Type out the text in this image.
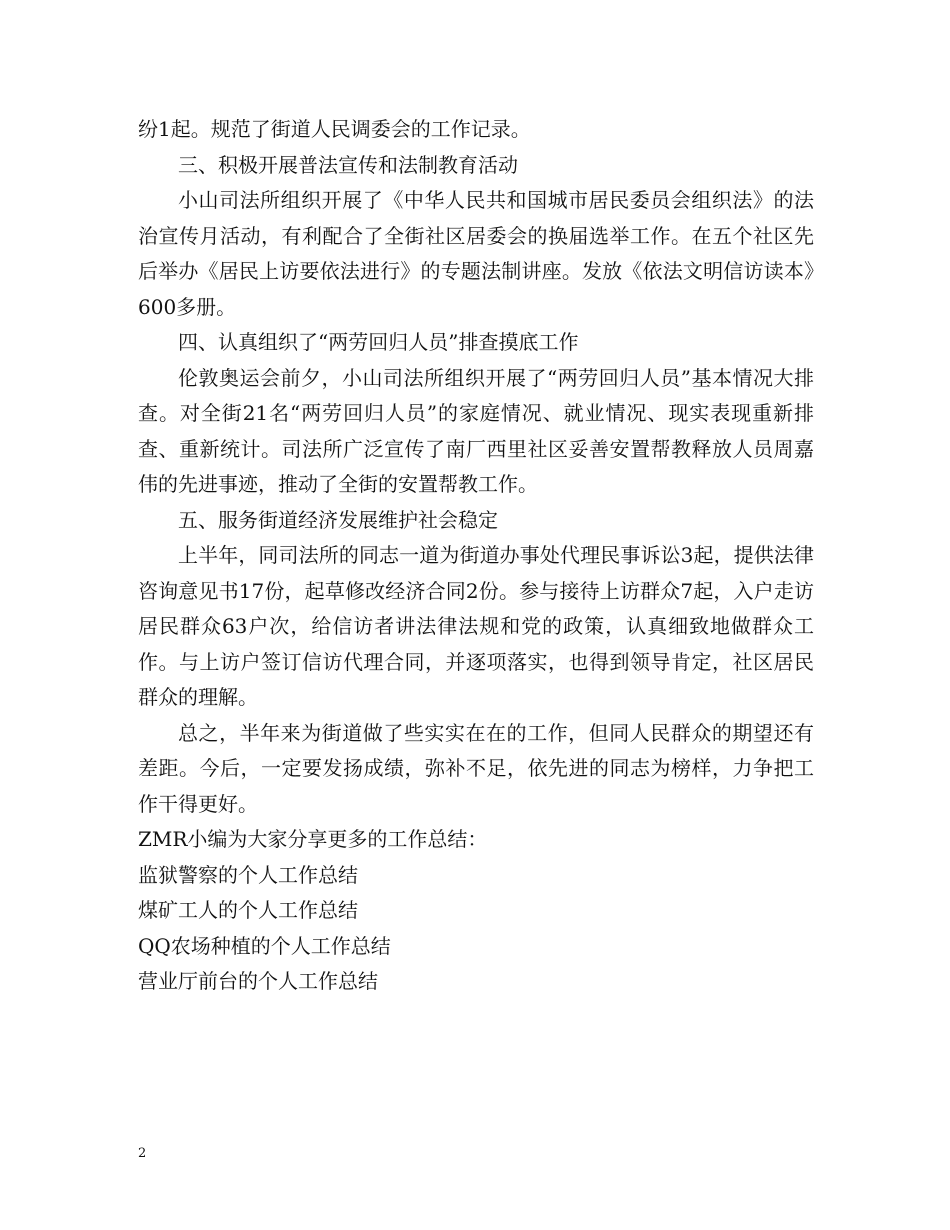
纷1起。规范了街道人民调委会的工作记录。

三、积极开展普法宣传和法制教育活动

小山司法所组织开展了《中华人民共和国城市居民委员会组织法》的法治宣传月活动，有利配合了全街社区居委会的换届选举工作。在五个社区先后举办《居民上访要依法进行》的专题法制讲座。发放《依法文明信访读本》600多册。

四、认真组织了“两劳回归人员”排查摸底工作

伦敦奥运会前夕，小山司法所组织开展了“两劳回归人员”基本情况大排查。对全街21名“两劳回归人员”的家庭情况、就业情况、现实表现重新排查、重新统计。司法所广泛宣传了南厂西里社区妥善安置帮教释放人员周嘉伟的先进事迹，推动了全街的安置帮教工作。

五、服务街道经济发展维护社会稳定

上半年，同司法所的同志一道为街道办事处代理民事诉讼3起，提供法律咨询意见书17份，起草修改经济合同2份。参与接待上访群众7起，入户走访居民群众63户次，给信访者讲法律法规和党的政策，认真细致地做群众工作。与上访户签订信访代理合同，并逐项落实，也得到领导肯定，社区居民群众的理解。

总之，半年来为街道做了些实实在在的工作，但同人民群众的期望还有差距。今后，一定要发扬成绩，弥补不足，依先进的同志为榜样，力争把工作干得更好。

ZMR小编为大家分享更多的工作总结：

监狱警察的个人工作总结
煤矿工人的个人工作总结
QQ农场种植的个人工作总结
营业厅前台的个人工作总结
2
